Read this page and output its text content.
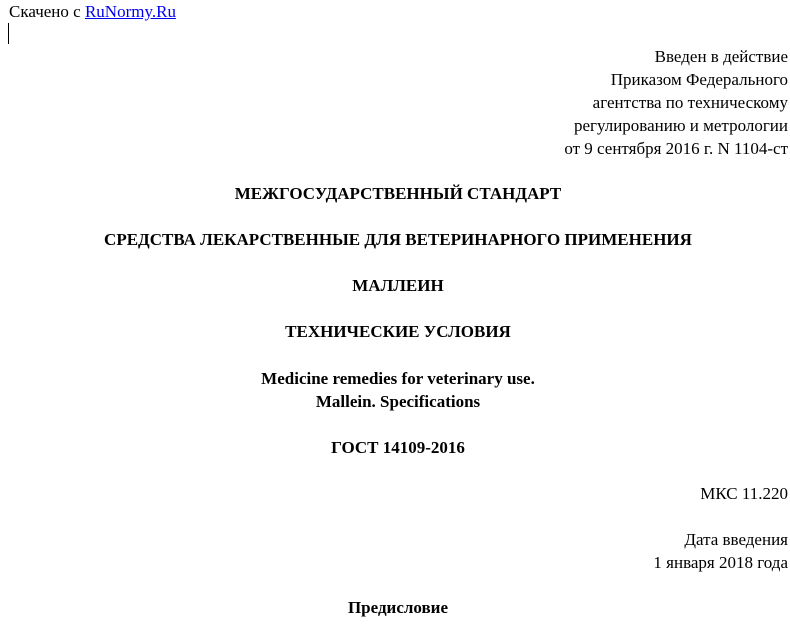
Скачено с RuNormy.Ru
Введен в действие
Приказом Федерального
агентства по техническому
регулированию и метрологии
от 9 сентября 2016 г. N 1104-ст
МЕЖГОСУДАРСТВЕННЫЙ СТАНДАРТ
СРЕДСТВА ЛЕКАРСТВЕННЫЕ ДЛЯ ВЕТЕРИНАРНОГО ПРИМЕНЕНИЯ
МАЛЛЕИН
ТЕХНИЧЕСКИЕ УСЛОВИЯ
Medicine remedies for veterinary use.
Mallein. Specifications
ГОСТ 14109-2016
МКС 11.220
Дата введения
1 января 2018 года
Предисловие
